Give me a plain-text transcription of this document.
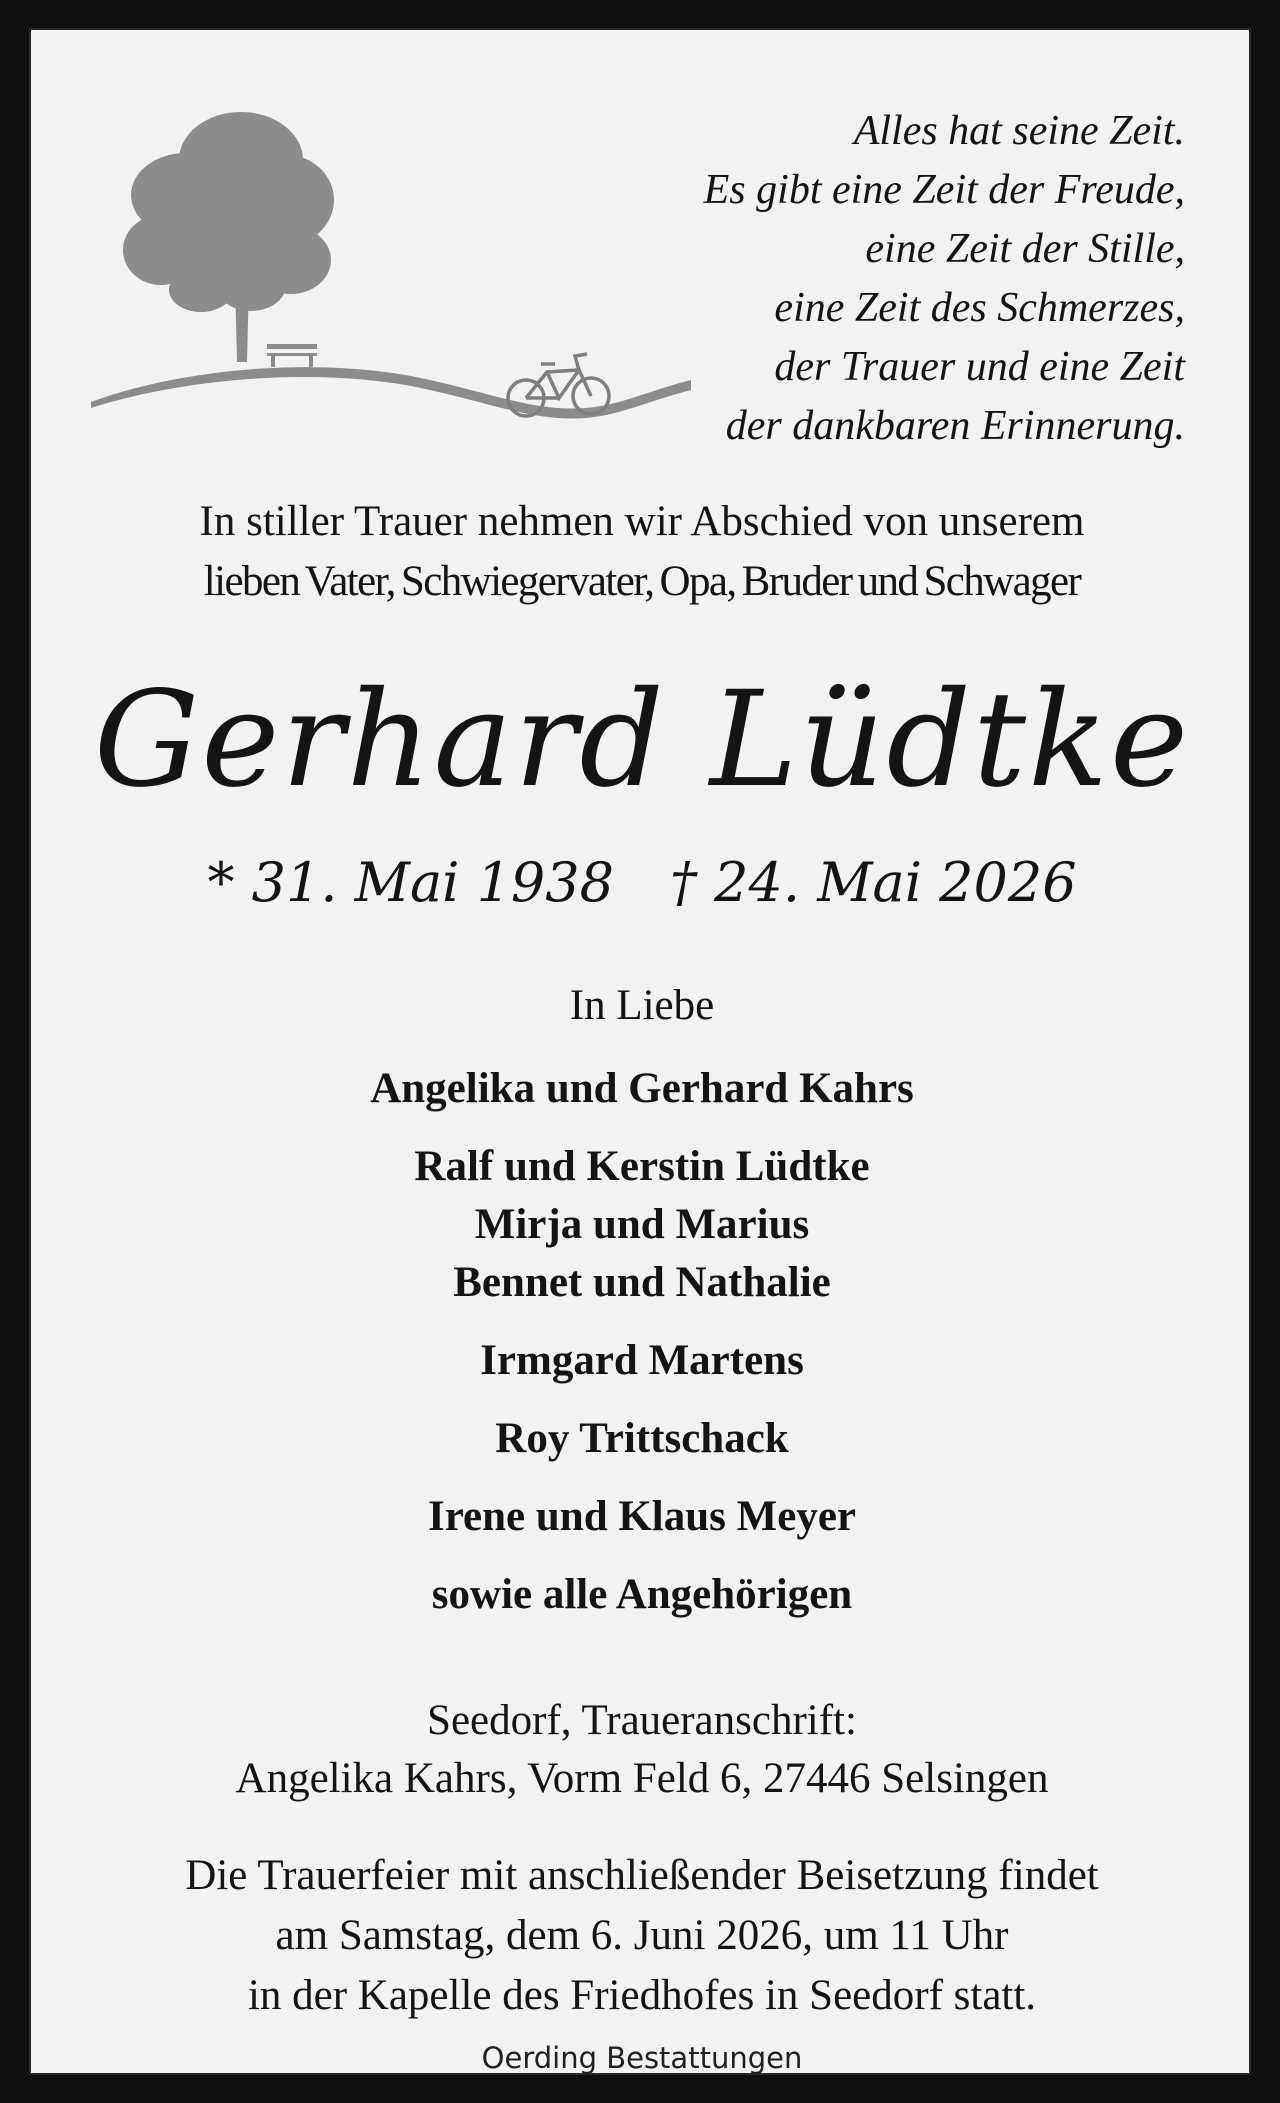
Alles hat seine Zeit.
Es gibt eine Zeit der Freude,
eine Zeit der Stille,
eine Zeit des Schmerzes,
der Trauer und eine Zeit
der dankbaren Erinnerung.
In stiller Trauer nehmen wir Abschied von unserem
lieben Vater, Schwiegervater, Opa, Bruder und Schwager
Gerhard Lüdtke
* 31. Mai 1938 † 24. Mai 2026
In Liebe
Angelika und Gerhard Kahrs
Ralf und Kerstin Lüdtke
Mirja und Marius
Bennet und Nathalie
Irmgard Martens
Roy Trittschack
Irene und Klaus Meyer
sowie alle Angehörigen
Seedorf, Traueranschrift:
Angelika Kahrs, Vorm Feld 6, 27446 Selsingen
Die Trauerfeier mit anschließender Beisetzung findet
am Samstag, dem 6. Juni 2026, um 11 Uhr
in der Kapelle des Friedhofes in Seedorf statt.
Oerding Bestattungen
